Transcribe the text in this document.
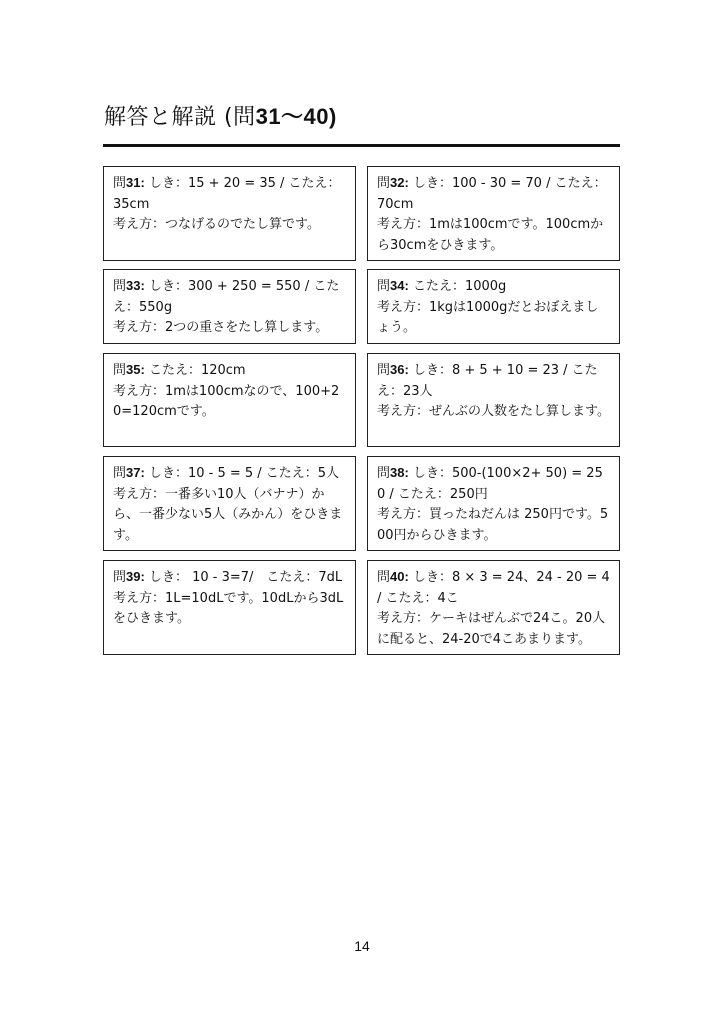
解答と解説 (問31～40)
問31: しき：15 + 20 = 35 / こたえ：35cm
考え方：つなげるのでたし算です。
問32: しき：100 - 30 = 70 / こたえ：70cm
考え方：1mは100cmです。100cmから30cmをひきます。
問33: しき：300 + 250 = 550 / こたえ：550g
考え方：2つの重さをたし算します。
問34: こたえ：1000g
考え方：1kgは1000gだとおぼえましょう。
問35: こたえ：120cm
考え方：1mは100cmなので、100+20=120cmです。
問36: しき：8 + 5 + 10 = 23 / こたえ：23人
考え方：ぜんぶの人数をたし算します。
問37: しき：10 - 5 = 5 / こたえ：5人
考え方：一番多い10人（バナナ）から、一番少ない5人（みかん）をひきます。
問38: しき：500-(100×2+ 50) = 250 / こたえ：250円
考え方：買ったねだんは 250円です。500円からひきます。
問39: しき： 10 - 3=7/　こたえ：7dL
考え方：1L=10dLです。10dLから3dLをひきます。
問40: しき：8 × 3 = 24、24 - 20 = 4 / こたえ：4こ
考え方：ケーキはぜんぶで24こ。20人に配ると、24-20で4こあまります。
14
